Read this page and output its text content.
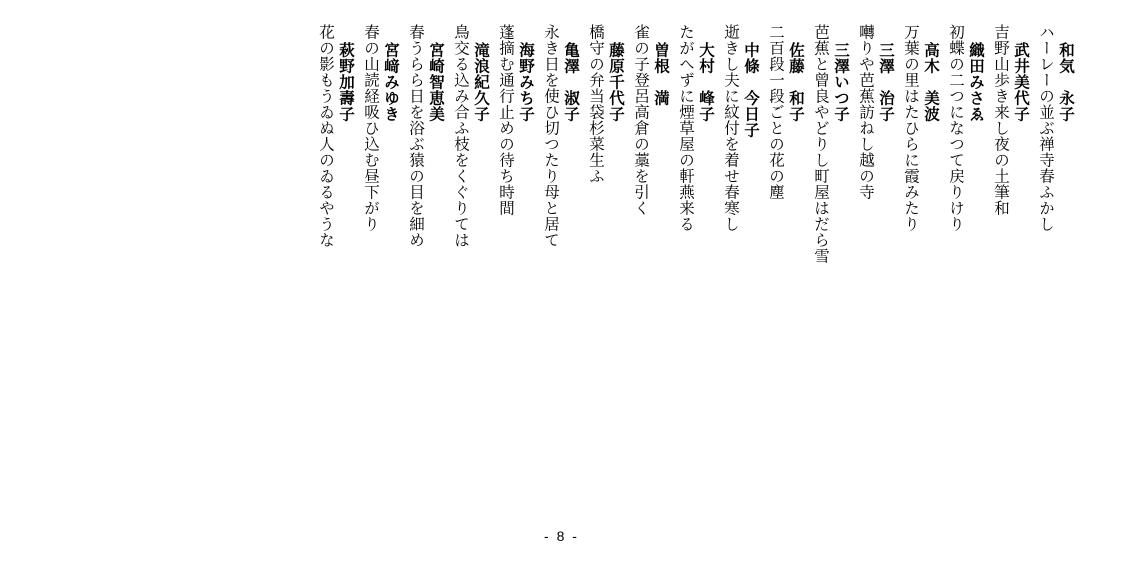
和気　永子
ハーレーの並ぶ禅寺春ふかし
武井美代子
吉野山歩き来し夜の土筆和
織田みさゑ
初蝶の二つになつて戻りけり
高木　美波
万葉の里はたひらに霞みたり
三澤　治子
囀りや芭蕉訪ねし越の寺
三澤いつ子
芭蕉と曾良やどりし町屋はだら雪
佐藤　和子
二百段一段ごとの花の塵
中條　今日子
逝きし夫に紋付を着せ春寒し
大村　峰子
たがへずに煙草屋の軒燕来る
曽根　満
雀の子登呂高倉の藁を引く
藤原千代子
橋守の弁当袋杉菜生ふ
亀澤　淑子
永き日を使ひ切つたり母と居て
海野みち子
蓬摘む通行止めの待ち時間
滝浪紀久子
鳥交る込み合ふ枝をくぐりては
宮崎智恵美
春うらら日を浴ぶ猿の目を細め
宮﨑みゆき
春の山読経吸ひ込む昼下がり
萩野加壽子
花の影もうゐぬ人のゐるやうな
- 8 -
